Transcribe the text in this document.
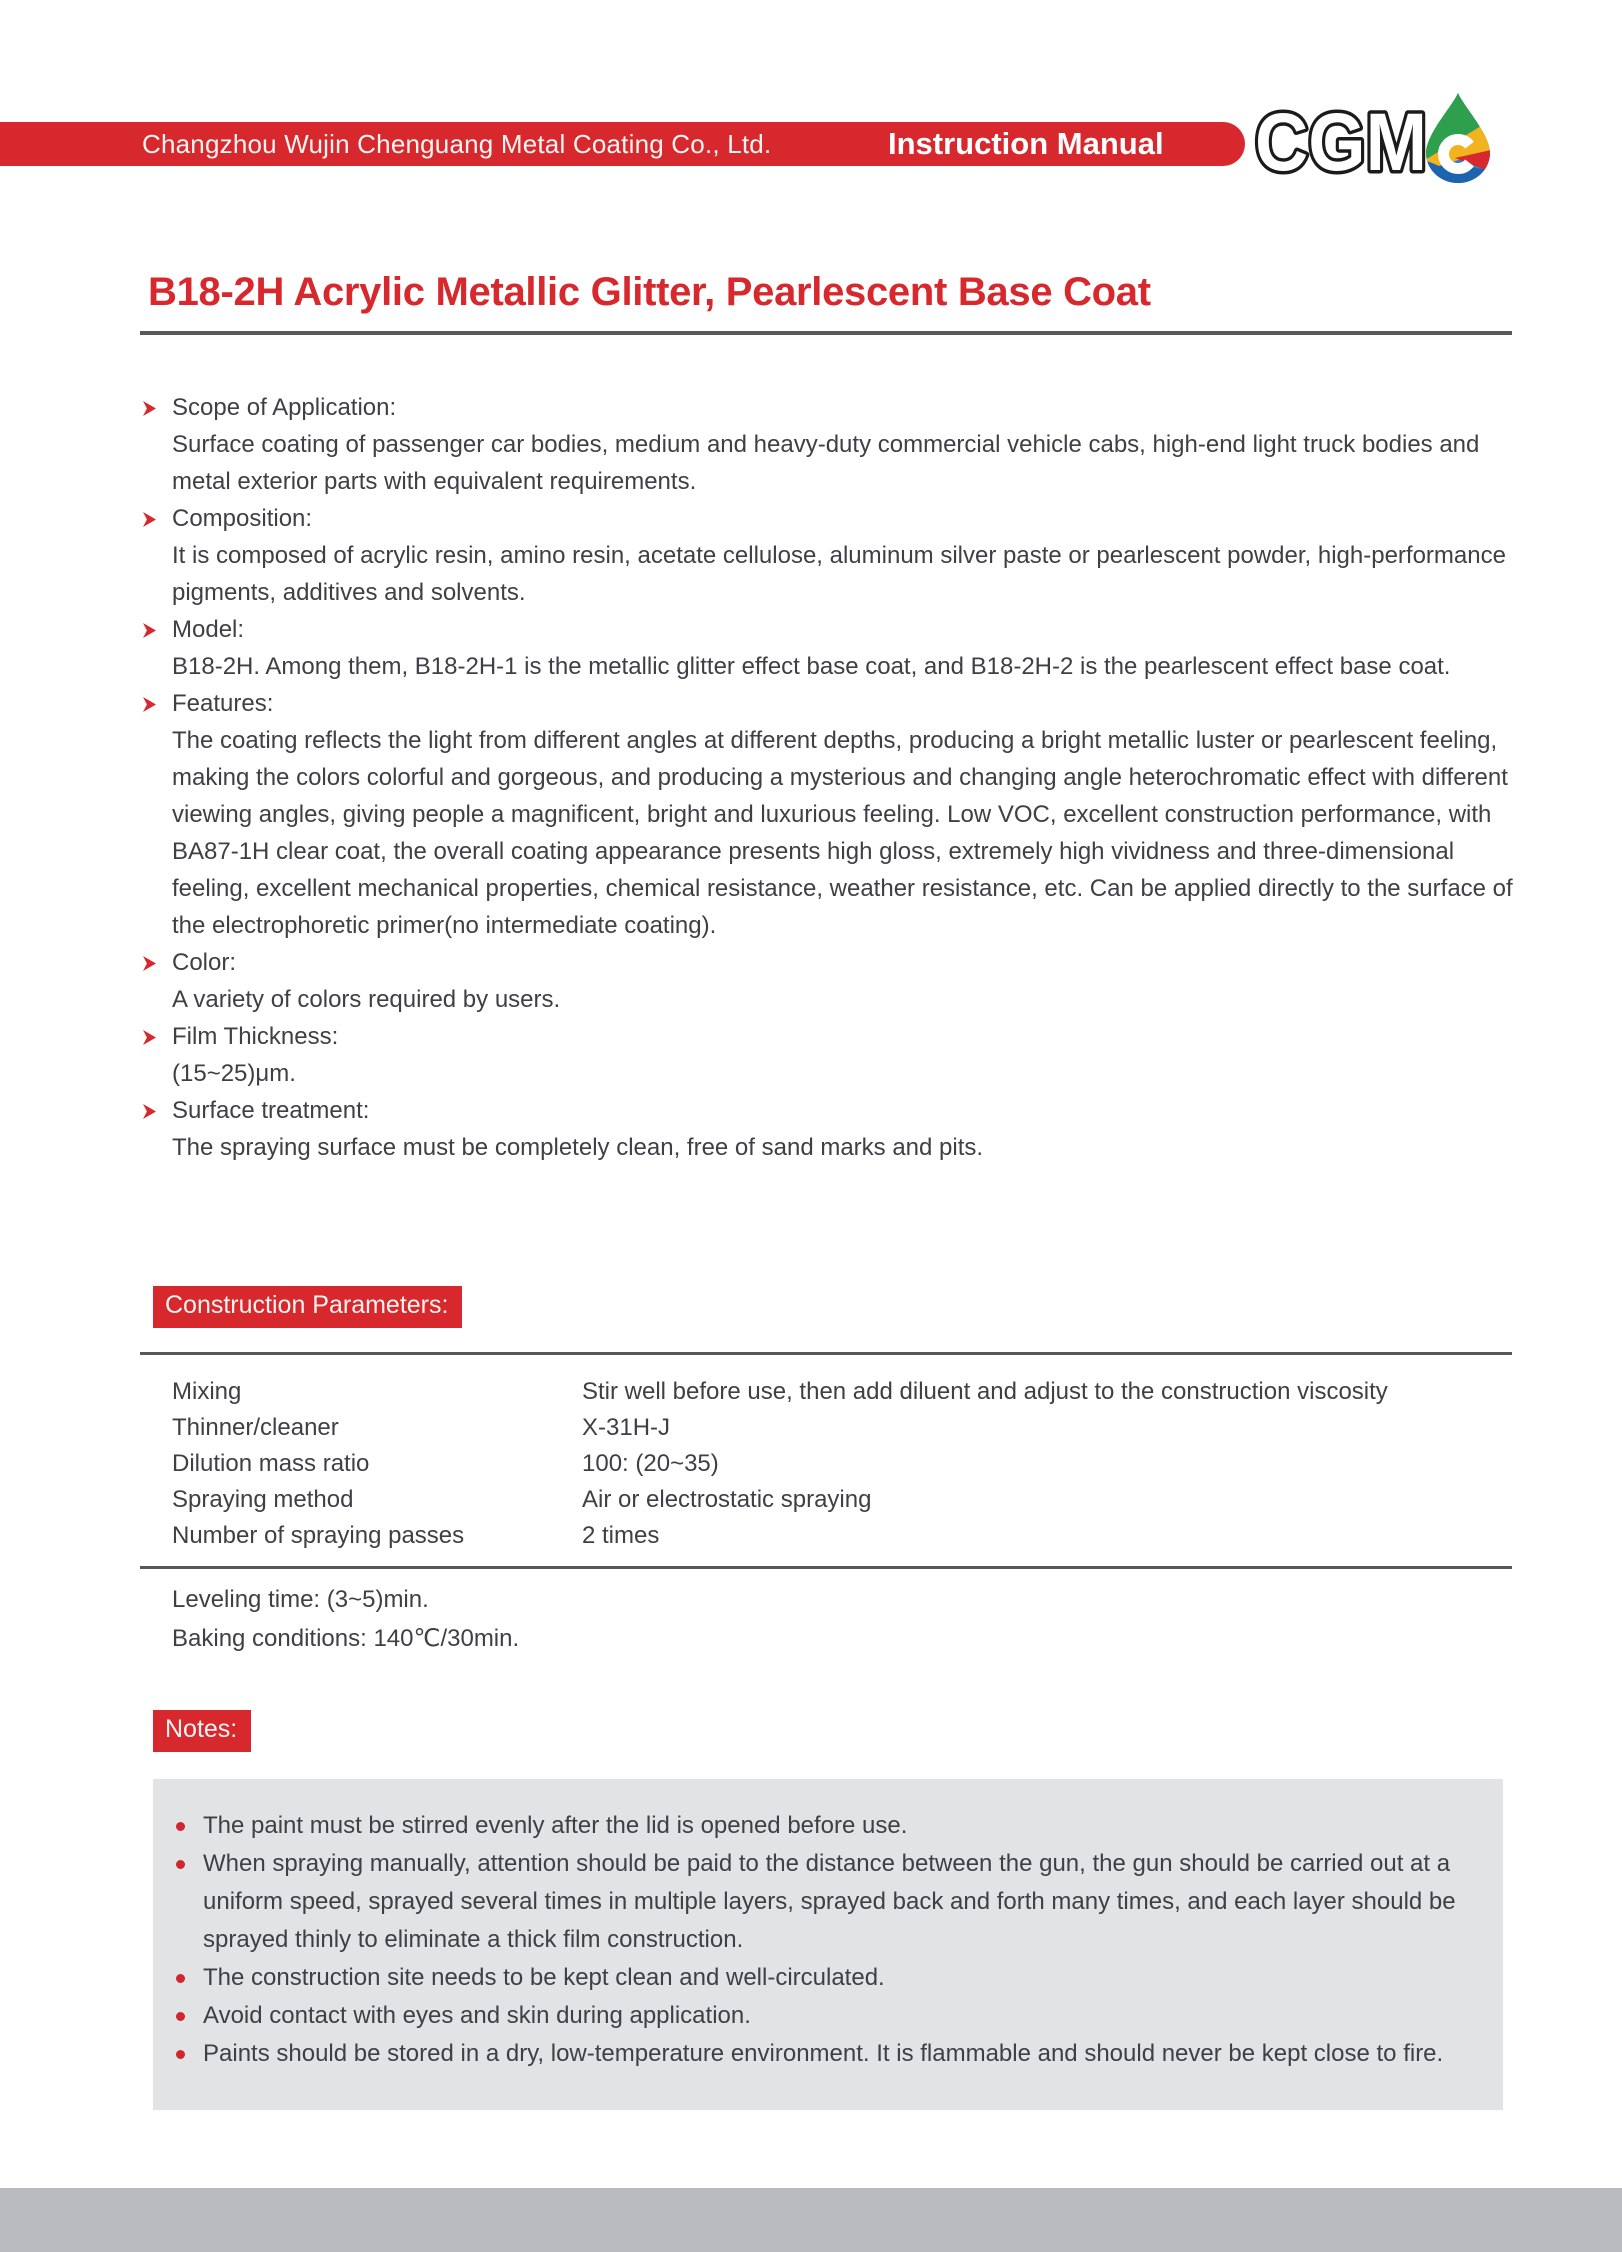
Changzhou Wujin Chenguang Metal Coating Co., Ltd.	Instruction Manual CGM
B18-2H Acrylic Metallic Glitter, Pearlescent Base Coat
Scope of Application:
Surface coating of passenger car bodies, medium and heavy-duty commercial vehicle cabs, high-end light truck bodies and metal exterior parts with equivalent requirements.
Composition:
It is composed of acrylic resin, amino resin, acetate cellulose, aluminum silver paste or pearlescent powder, high-performance pigments, additives and solvents.
Model:
B18-2H. Among them, B18-2H-1 is the metallic glitter effect base coat, and B18-2H-2 is the pearlescent effect base coat.
Features:
The coating reflects the light from different angles at different depths, producing a bright metallic luster or pearlescent feeling, making the colors colorful and gorgeous, and producing a mysterious and changing angle heterochromatic effect with different viewing angles, giving people a magnificent, bright and luxurious feeling. Low VOC, excellent construction performance, with BA87-1H clear coat, the overall coating appearance presents high gloss, extremely high vividness and three-dimensional feeling, excellent mechanical properties, chemical resistance, weather resistance, etc. Can be applied directly to the surface of the electrophoretic primer(no intermediate coating).
Color:
A variety of colors required by users.
Film Thickness:
(15~25)μm.
Surface treatment:
The spraying surface must be completely clean, free of sand marks and pits.
Construction Parameters:
Mixing	Stir well before use, then add diluent and adjust to the construction viscosity
Thinner/cleaner	X-31H-J
Dilution mass ratio	100: (20~35)
Spraying method	Air or electrostatic spraying
Number of spraying passes	2 times
Leveling time: (3~5)min.
Baking conditions: 140℃/30min.
Notes:
The paint must be stirred evenly after the lid is opened before use.
When spraying manually, attention should be paid to the distance between the gun, the gun should be carried out at a uniform speed, sprayed several times in multiple layers, sprayed back and forth many times, and each layer should be sprayed thinly to eliminate a thick film construction.
The construction site needs to be kept clean and well-circulated.
Avoid contact with eyes and skin during application.
Paints should be stored in a dry, low-temperature environment. It is flammable and should never be kept close to fire.
